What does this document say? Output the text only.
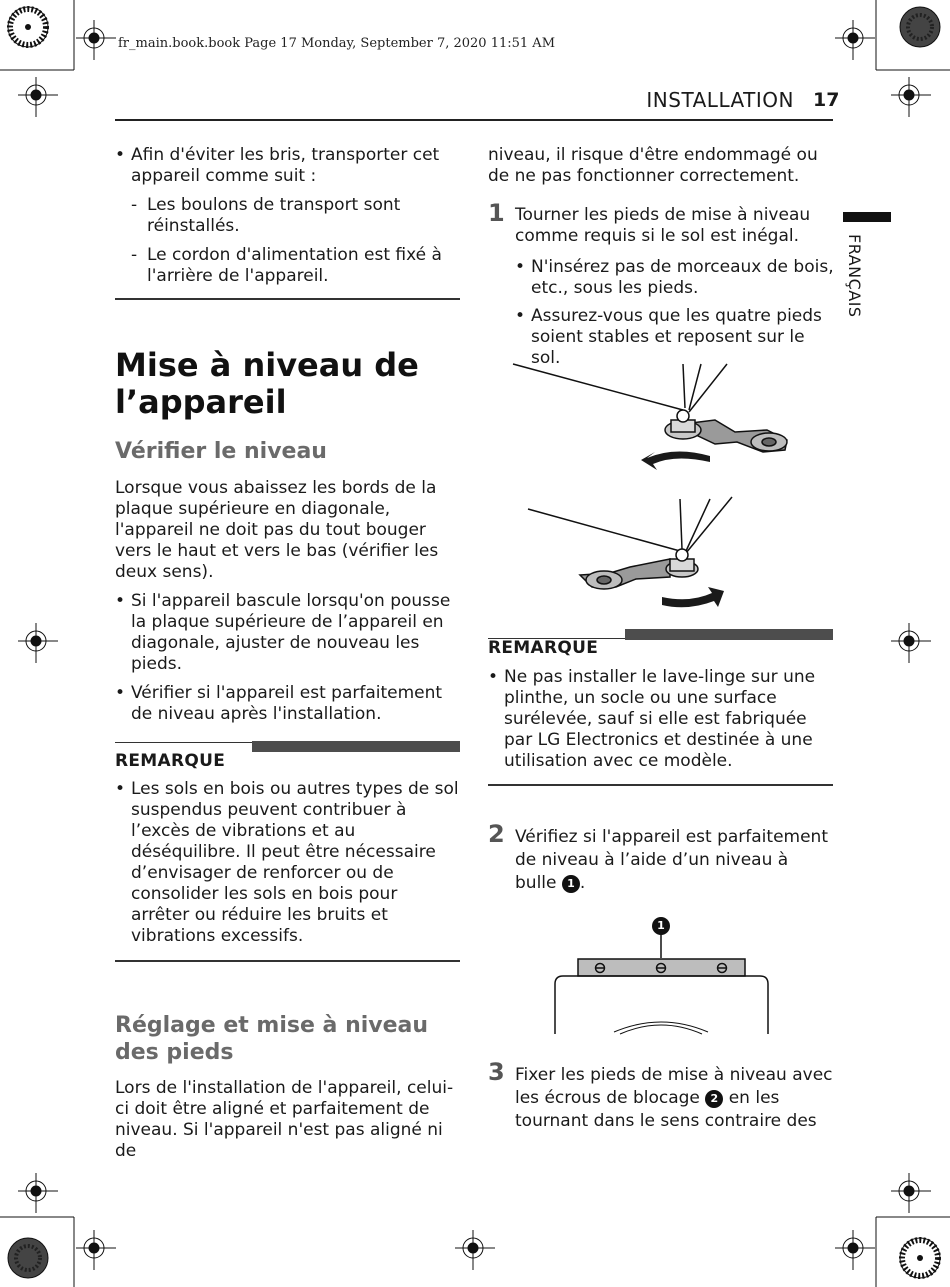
fr_main.book.book Page 17 Monday, September 7, 2020 11:51 AM
INSTALLATION 17
FRANÇAIS
• Afin d'éviter les bris, transporter cet appareil comme suit :
- Les boulons de transport sont réinstallés.
- Le cordon d'alimentation est fixé à l'arrière de l'appareil.
Mise à niveau de l’appareil
Vérifier le niveau
Lorsque vous abaissez les bords de la plaque supérieure en diagonale, l'appareil ne doit pas du tout bouger vers le haut et vers le bas (vérifier les deux sens).
• Si l'appareil bascule lorsqu'on pousse la plaque supérieure de l’appareil en diagonale, ajuster de nouveau les pieds.
• Vérifier si l'appareil est parfaitement de niveau après l'installation.
REMARQUE
• Les sols en bois ou autres types de sol suspendus peuvent contribuer à l’excès de vibrations et au déséquilibre. Il peut être nécessaire d’envisager de renforcer ou de consolider les sols en bois pour arrêter ou réduire les bruits et vibrations excessifs.
Réglage et mise à niveau des pieds
Lors de l'installation de l'appareil, celui-ci doit être aligné et parfaitement de niveau. Si l'appareil n'est pas aligné ni de
niveau, il risque d'être endommagé ou de ne pas fonctionner correctement.
1 Tourner les pieds de mise à niveau comme requis si le sol est inégal.
• N'insérez pas de morceaux de bois, etc., sous les pieds.
• Assurez-vous que les quatre pieds soient stables et reposent sur le sol.
REMARQUE
• Ne pas installer le lave-linge sur une plinthe, un socle ou une surface surélevée, sauf si elle est fabriquée par LG Electronics et destinée à une utilisation avec ce modèle.
2 Vérifiez si l'appareil est parfaitement de niveau à l’aide d’un niveau à bulle 1 .
1
3 Fixer les pieds de mise à niveau avec les écrous de blocage 2 en les tournant dans le sens contraire des
